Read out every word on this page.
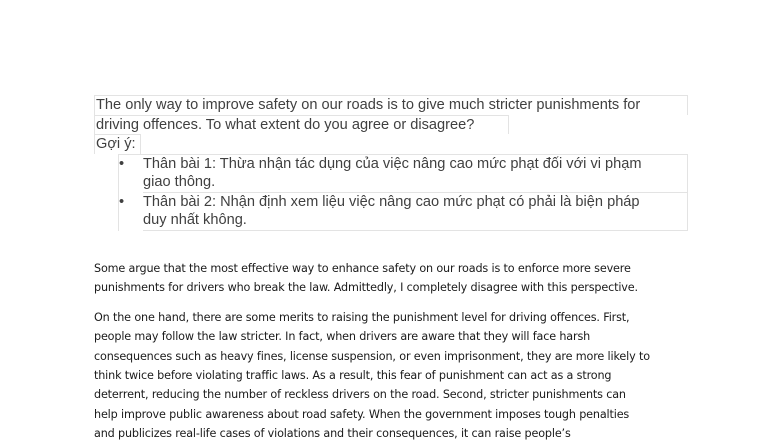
The only way to improve safety on our roads is to give much stricter punishments for
driving offences. To what extent do you agree or disagree?
Gợi ý:
• Thân bài 1: Thừa nhận tác dụng của việc nâng cao mức phạt đối với vi phạm
giao thông.
• Thân bài 2: Nhận định xem liệu việc nâng cao mức phạt có phải là biện pháp
duy nhất không.

Some argue that the most effective way to enhance safety on our roads is to enforce more severe
punishments for drivers who break the law. Admittedly, I completely disagree with this perspective.

On the one hand, there are some merits to raising the punishment level for driving offences. First,
people may follow the law stricter. In fact, when drivers are aware that they will face harsh
consequences such as heavy fines, license suspension, or even imprisonment, they are more likely to
think twice before violating traffic laws. As a result, this fear of punishment can act as a strong
deterrent, reducing the number of reckless drivers on the road. Second, stricter punishments can
help improve public awareness about road safety. When the government imposes tough penalties
and publicizes real-life cases of violations and their consequences, it can raise people’s
